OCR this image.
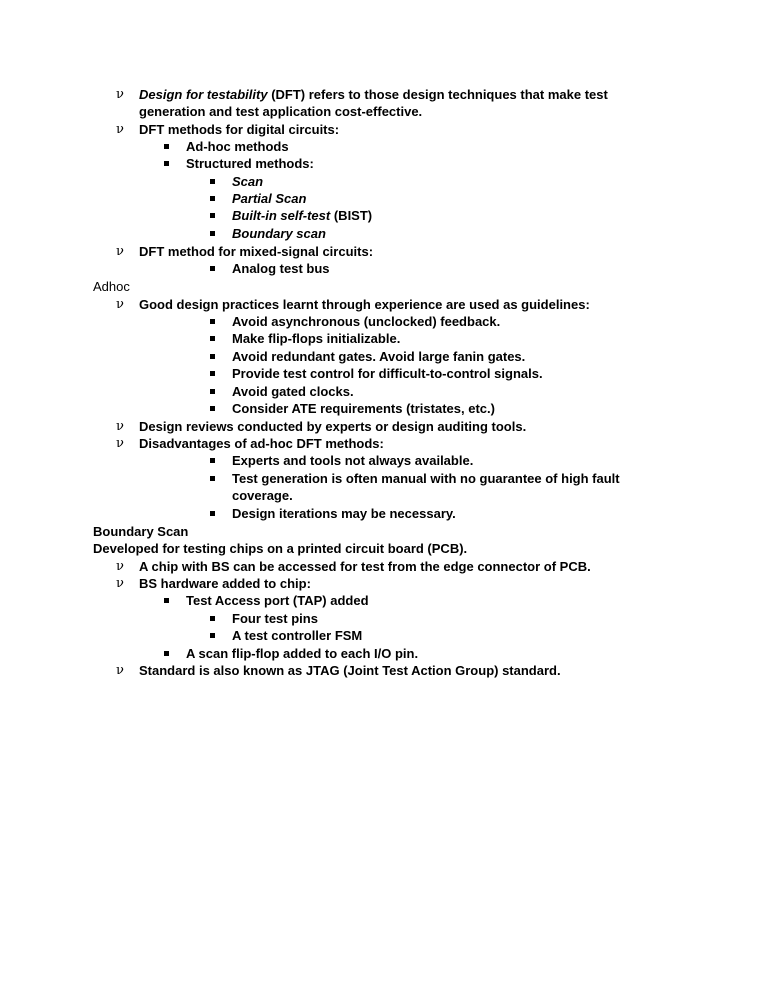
ν Design for testability (DFT) refers to those design techniques that make test
generation and test application cost-effective.
ν DFT methods for digital circuits:
Ad-hoc methods
Structured methods:
Scan
Partial Scan
Built-in self-test (BIST)
Boundary scan
ν DFT method for mixed-signal circuits:
Analog test bus
Adhoc
ν Good design practices learnt through experience are used as guidelines:
Avoid asynchronous (unclocked) feedback.
Make flip-flops initializable.
Avoid redundant gates. Avoid large fanin gates.
Provide test control for difficult-to-control signals.
Avoid gated clocks.
Consider ATE requirements (tristates, etc.)
ν Design reviews conducted by experts or design auditing tools.
ν Disadvantages of ad-hoc DFT methods:
Experts and tools not always available.
Test generation is often manual with no guarantee of high fault
coverage.
Design iterations may be necessary.
Boundary Scan
Developed for testing chips on a printed circuit board (PCB).
ν A chip with BS can be accessed for test from the edge connector of PCB.
ν BS hardware added to chip:
Test Access port (TAP) added
Four test pins
A test controller FSM
A scan flip-flop added to each I/O pin.
ν Standard is also known as JTAG (Joint Test Action Group) standard.
